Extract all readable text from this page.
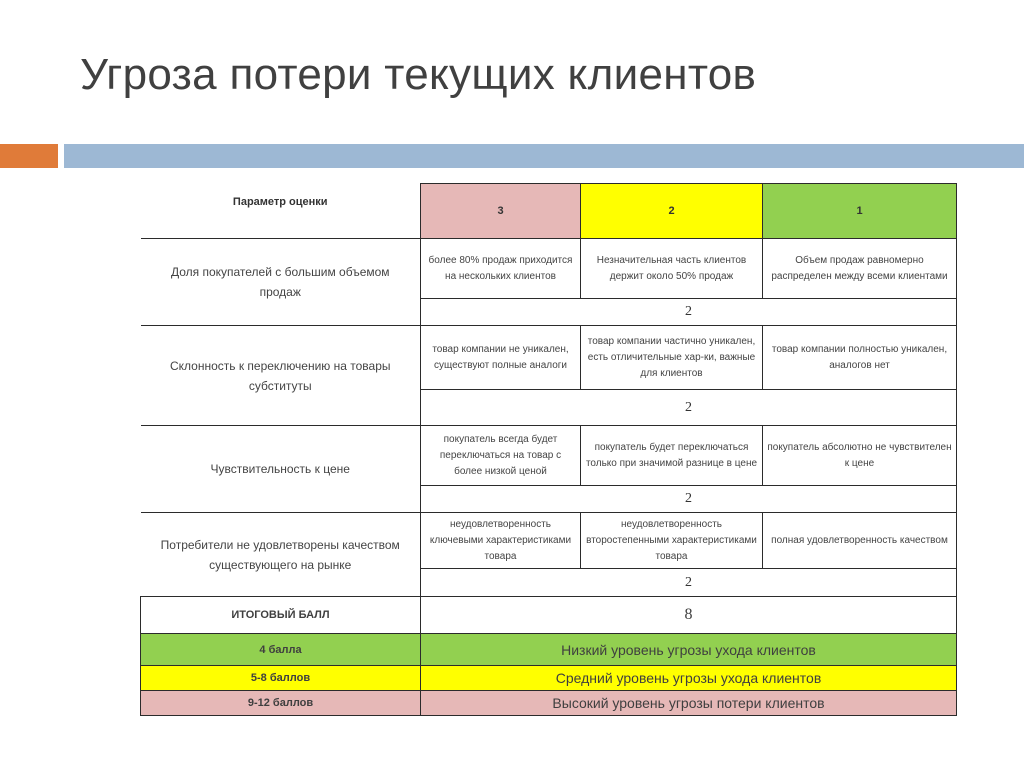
Угроза потери текущих клиентов
Параметр оценки	3	2	1
Доля покупателей с большим объемом продаж	более 80% продаж приходится на нескольких клиентов	Незначительная часть клиентов держит около 50% продаж	Объем продаж равномерно распределен между всеми клиентами
	2		
Склонность к переключению на товары субституты	товар компании не уникален, существуют полные аналоги	товар компании частично уникален, есть отличительные хар-ки, важные для клиентов	товар компании полностью уникален, аналогов нет
	2		
Чувствительность к цене	покупатель всегда будет переключаться на товар с более низкой ценой	покупатель будет переключаться только при значимой разнице в цене	покупатель абсолютно не чувствителен к цене
	2		
Потребители не удовлетворены качеством существующего на рынке	неудовлетворенность ключевыми характеристиками товара	неудовлетворенность второстепенными характеристиками товара	полная удовлетворенность качеством
	2		
ИТОГОВЫЙ БАЛЛ	8		
4 балла	Низкий уровень угрозы ухода клиентов		
5-8 баллов	Средний уровень угрозы ухода клиентов		
9-12 баллов	Высокий уровень угрозы потери клиентов		
